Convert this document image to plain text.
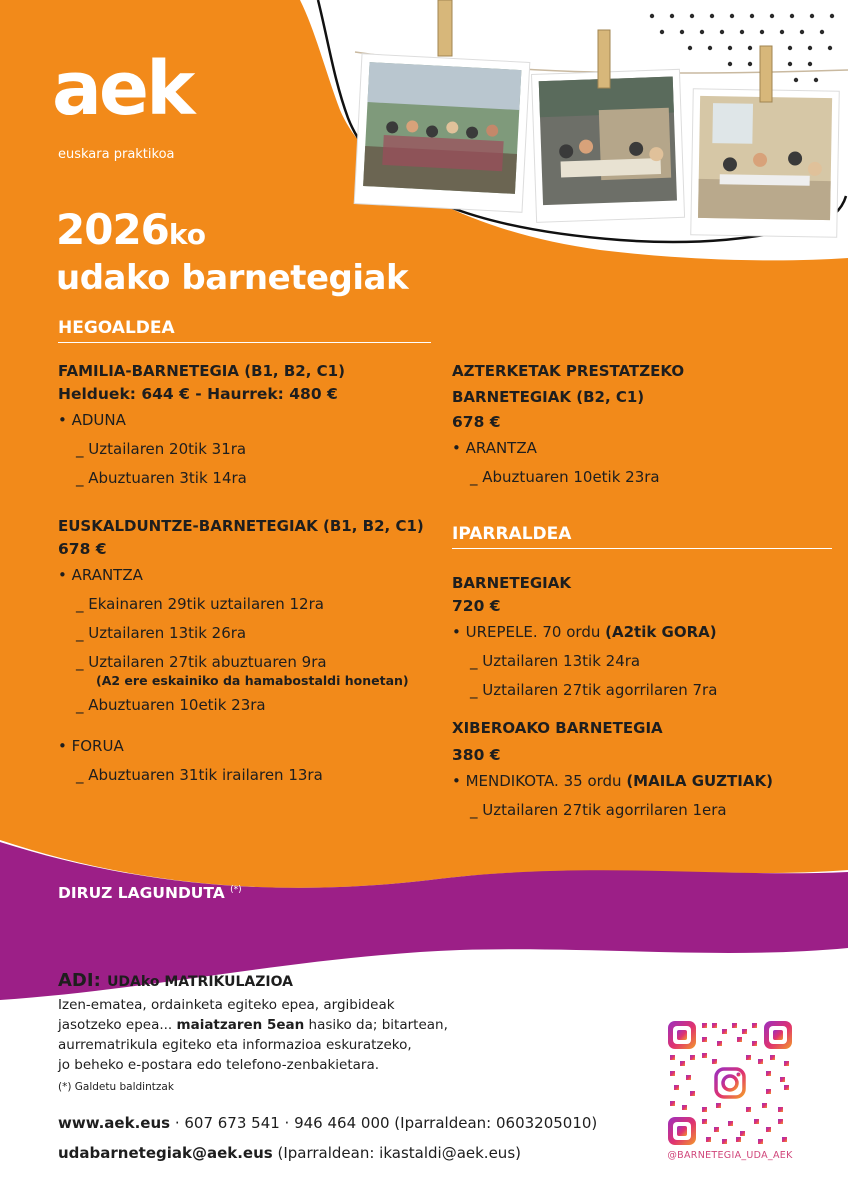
aek
euskara praktikoa
2026ko
udako barnetegiak
HEGOALDEA
FAMILIA-BARNETEGIA (B1, B2, C1)
Helduek: 644 € - Haurrek: 480 €
• ADUNA
_ Uztailaren 20tik 31ra
_ Abuztuaren 3tik 14ra
EUSKALDUNTZE-BARNETEGIAK (B1, B2, C1)
678 €
• ARANTZA
_ Ekainaren 29tik uztailaren 12ra
_ Uztailaren 13tik 26ra
_ Uztailaren 27tik abuztuaren 9ra
(A2 ere eskainiko da hamabostaldi honetan)
_ Abuztuaren 10etik 23ra
• FORUA
_ Abuztuaren 31tik irailaren 13ra
AZTERKETAK PRESTATZEKO
BARNETEGIAK (B2, C1)
678 €
• ARANTZA
_ Abuztuaren 10etik 23ra
IPARRALDEA
BARNETEGIAK
720 €
• UREPELE. 70 ordu (A2tik GORA)
_ Uztailaren 13tik 24ra
_ Uztailaren 27tik agorrilaren 7ra
XIBEROAKO BARNETEGIA
380 €
• MENDIKOTA. 35 ordu (MAILA GUZTIAK)
_ Uztailaren 27tik agorrilaren 1era
DIRUZ LAGUNDUTA (*)
ADI: UDAko MATRIKULAZIOA
Izen-ematea, ordainketa egiteko epea, argibideak
jasotzeko epea... maiatzaren 5ean hasiko da; bitartean,
aurrematrikula egiteko eta informazioa eskuratzeko,
jo beheko e-postara edo telefono-zenbakietara.
(*) Galdetu baldintzak
www.aek.eus · 607 673 541 · 946 464 000 (Iparraldean: 0603205010)
udabarnetegiak@aek.eus (Iparraldean: ikastaldi@aek.eus)	@BARNETEGIA_UDA_AEK
